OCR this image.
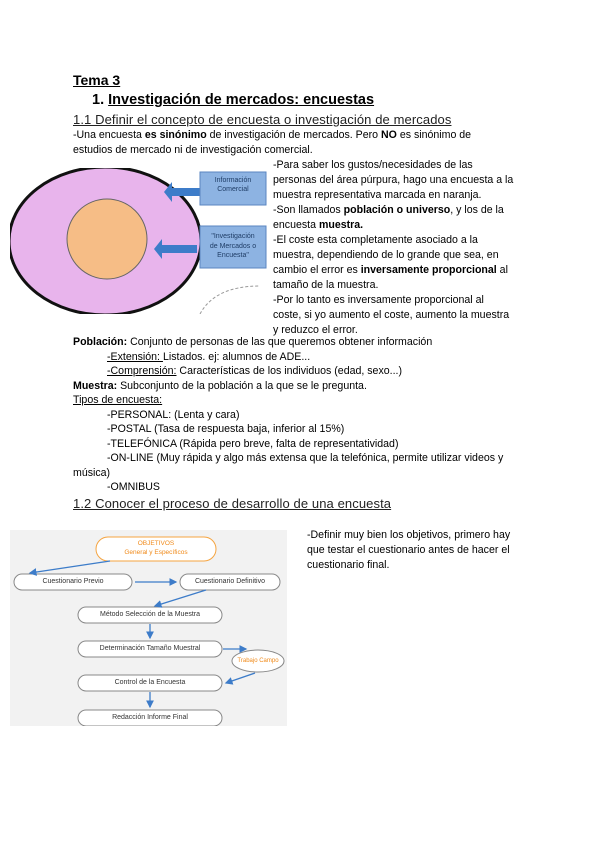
Tema 3
1. Investigación de mercados: encuestas
1.1 Definir el concepto de encuesta o investigación de mercados
-Una encuesta es sinónimo de investigación de mercados. Pero NO es sinónimo de
estudios de mercado ni de investigación comercial.
Información
Comercial
"Investigación
de Mercados o
Encuesta"
-Para saber los gustos/necesidades de las
personas del área púrpura, hago una encuesta a la
muestra representativa marcada en naranja.
-Son llamados población o universo, y los de la
encuesta muestra.
-El coste esta completamente asociado a la
muestra, dependiendo de lo grande que sea, en
cambio el error es inversamente proporcional al
tamaño de la muestra.
-Por lo tanto es inversamente proporcional al
coste, si yo aumento el coste, aumento la muestra
y reduzco el error.
Población: Conjunto de personas de las que queremos obtener información
-Extensión: Listados. ej: alumnos de ADE...
-Comprensión: Características de los individuos (edad, sexo...)
Muestra: Subconjunto de la población a la que se le pregunta.
Tipos de encuesta:
-PERSONAL: (Lenta y cara)
-POSTAL (Tasa de respuesta baja, inferior al 15%)
-TELEFÓNICA (Rápida pero breve, falta de representatividad)
-ON-LINE (Muy rápida y algo más extensa que la telefónica, permite utilizar videos y
música)
-OMNIBUS
1.2 Conocer el proceso de desarrollo de una encuesta
OBJETIVOS
General y Específicos
Cuestionario Previo	Cuestionario Definitivo
Método Selección de la Muestra
Determinación Tamaño Muestral
Trabajo Campo
Control de la Encuesta
Redacción Informe Final
-Definir muy bien los objetivos, primero hay
que testar el cuestionario antes de hacer el
cuestionario final.
